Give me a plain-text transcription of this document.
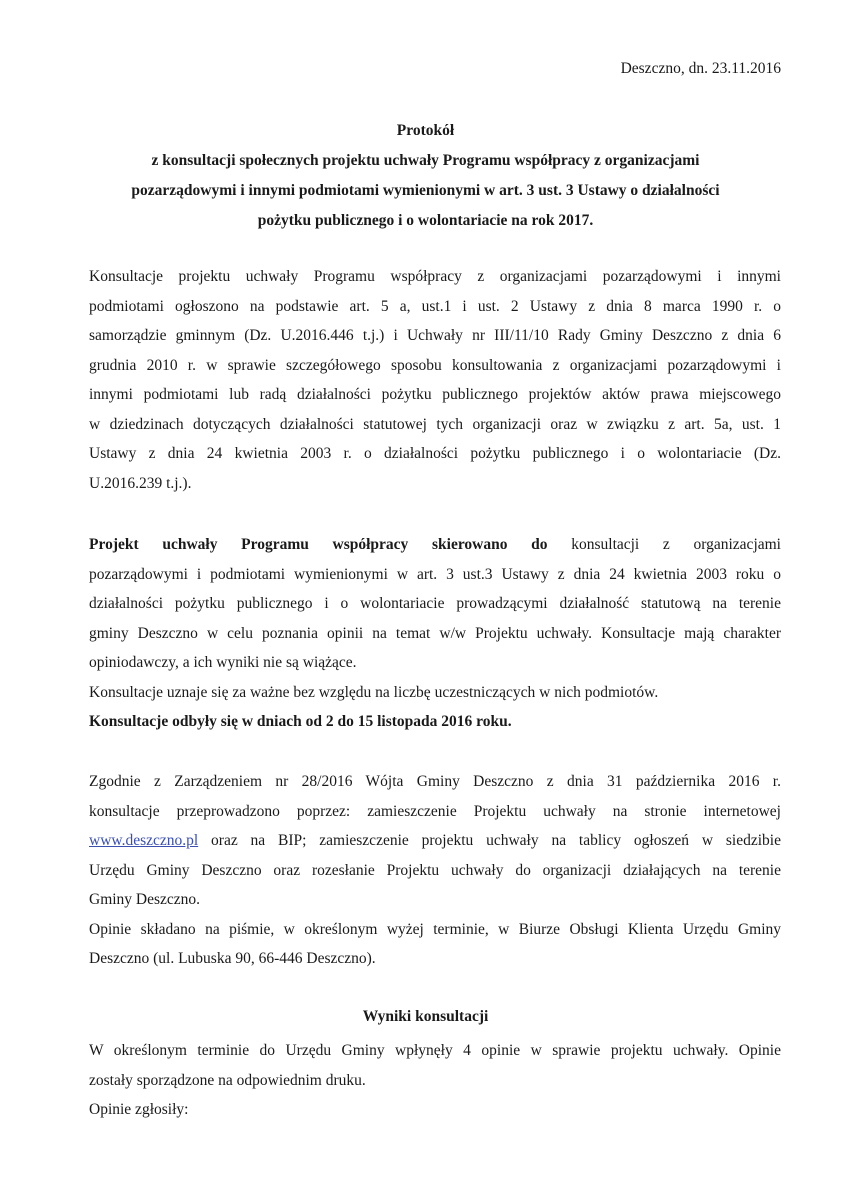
Deszczno, dn. 23.11.2016
Protokół
z konsultacji społecznych projektu uchwały Programu współpracy z organizacjami
pozarządowymi i innymi podmiotami wymienionymi w art. 3 ust. 3 Ustawy o działalności
pożytku publicznego i o wolontariacie na rok 2017.
Konsultacje projektu uchwały Programu współpracy z organizacjami pozarządowymi i innymi
podmiotami ogłoszono na podstawie art. 5 a, ust.1 i ust. 2 Ustawy z dnia 8 marca 1990 r. o
samorządzie gminnym (Dz. U.2016.446 t.j.) i Uchwały nr III/11/10 Rady Gminy Deszczno z dnia 6
grudnia 2010 r. w sprawie szczegółowego sposobu konsultowania z organizacjami pozarządowymi i
innymi podmiotami lub radą działalności pożytku publicznego projektów aktów prawa miejscowego
w dziedzinach dotyczących działalności statutowej tych organizacji oraz w związku z art. 5a, ust. 1
Ustawy z dnia 24 kwietnia 2003 r. o działalności pożytku publicznego i o wolontariacie (Dz.
U.2016.239 t.j.).
Projekt uchwały Programu współpracy skierowano do konsultacji z organizacjami
pozarządowymi i podmiotami wymienionymi w art. 3 ust.3 Ustawy z dnia 24 kwietnia 2003 roku o
działalności pożytku publicznego i o wolontariacie prowadzącymi działalność statutową na terenie
gminy Deszczno w celu poznania opinii na temat w/w Projektu uchwały. Konsultacje mają charakter
opiniodawczy, a ich wyniki nie są wiążące.
Konsultacje uznaje się za ważne bez względu na liczbę uczestniczących w nich podmiotów.
Konsultacje odbyły się w dniach od 2 do 15 listopada 2016 roku.
Zgodnie z Zarządzeniem nr 28/2016 Wójta Gminy Deszczno z dnia 31 października 2016 r.
konsultacje przeprowadzono poprzez: zamieszczenie Projektu uchwały na stronie internetowej
www.deszczno.pl oraz na BIP; zamieszczenie projektu uchwały na tablicy ogłoszeń w siedzibie
Urzędu Gminy Deszczno oraz rozesłanie Projektu uchwały do organizacji działających na terenie
Gminy Deszczno.
Opinie składano na piśmie, w określonym wyżej terminie, w Biurze Obsługi Klienta Urzędu Gminy
Deszczno (ul. Lubuska 90, 66-446 Deszczno).
Wyniki konsultacji
W określonym terminie do Urzędu Gminy wpłynęły 4 opinie w sprawie projektu uchwały. Opinie
zostały sporządzone na odpowiednim druku.
Opinie zgłosiły:
